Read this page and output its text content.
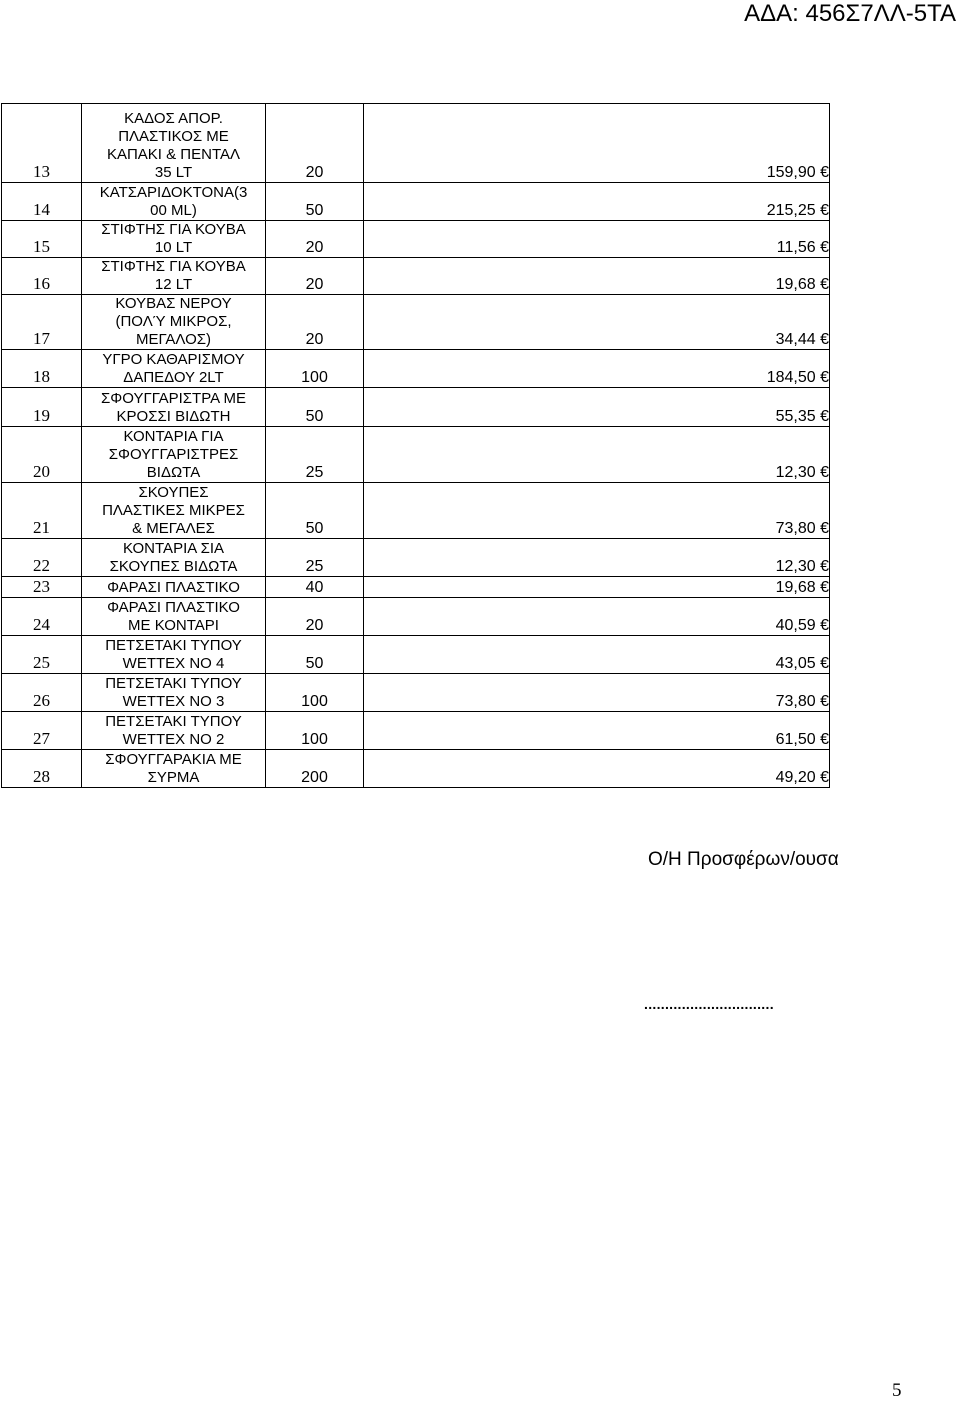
ΑΔΑ: 456Σ7ΛΛ-5ΤΑ
13	ΚΑΔΟΣ ΑΠΟΡ.
ΠΛΑΣΤΙΚΟΣ ΜΕ
ΚΑΠΑΚΙ & ΠΕΝΤΑΛ
35 LT	20	159,90 €
14	ΚΑΤΣΑΡΙΔΟΚΤΟΝΑ(3
00 ML)	50	215,25 €
15	ΣΤΙΦΤΗΣ ΓΙΑ ΚΟΥΒΑ
10 LT	20	11,56 €
16	ΣΤΙΦΤΗΣ ΓΙΑ ΚΟΥΒΑ
12 LT	20	19,68 €
17	ΚΟΥΒΑΣ ΝΕΡΟΥ
(ΠΟΛΎ ΜΙΚΡΟΣ,
ΜΕΓΑΛΟΣ)	20	34,44 €
18	ΥΓΡΟ ΚΑΘΑΡΙΣΜΟΥ
ΔΑΠΕΔΟΥ 2LT	100	184,50 €
19	ΣΦΟΥΓΓΑΡΙΣΤΡΑ ΜΕ
ΚΡΟΣΣΙ ΒΙΔΩΤΗ	50	55,35 €
20	ΚΟΝΤΑΡΙΑ ΓΙΑ
ΣΦΟΥΓΓΑΡΙΣΤΡΕΣ
ΒΙΔΩΤΑ	25	12,30 €
21	ΣΚΟΥΠΕΣ
ΠΛΑΣΤΙΚΕΣ ΜΙΚΡΕΣ
& ΜΕΓΑΛΕΣ	50	73,80 €
22	ΚΟΝΤΑΡΙΑ ΣΙΑ
ΣΚΟΥΠΕΣ ΒΙΔΩΤΑ	25	12,30 €
23	ΦΑΡΑΣΙ ΠΛΑΣΤΙΚΟ	40	19,68 €
24	ΦΑΡΑΣΙ ΠΛΑΣΤΙΚΟ
ΜΕ ΚΟΝΤΑΡΙ	20	40,59 €
25	ΠΕΤΣΕΤΑΚΙ ΤΥΠΟΥ
WETTEX NO 4	50	43,05 €
26	ΠΕΤΣΕΤΑΚΙ ΤΥΠΟΥ
WETTEX NO 3	100	73,80 €
27	ΠΕΤΣΕΤΑΚΙ ΤΥΠΟΥ
WETTEX NO 2	100	61,50 €
28	ΣΦΟΥΓΓΑΡΑΚΙΑ ΜΕ
ΣΥΡΜΑ	200	49,20 €
Ο/Η Προσφέρων/ουσα
...............................
5
